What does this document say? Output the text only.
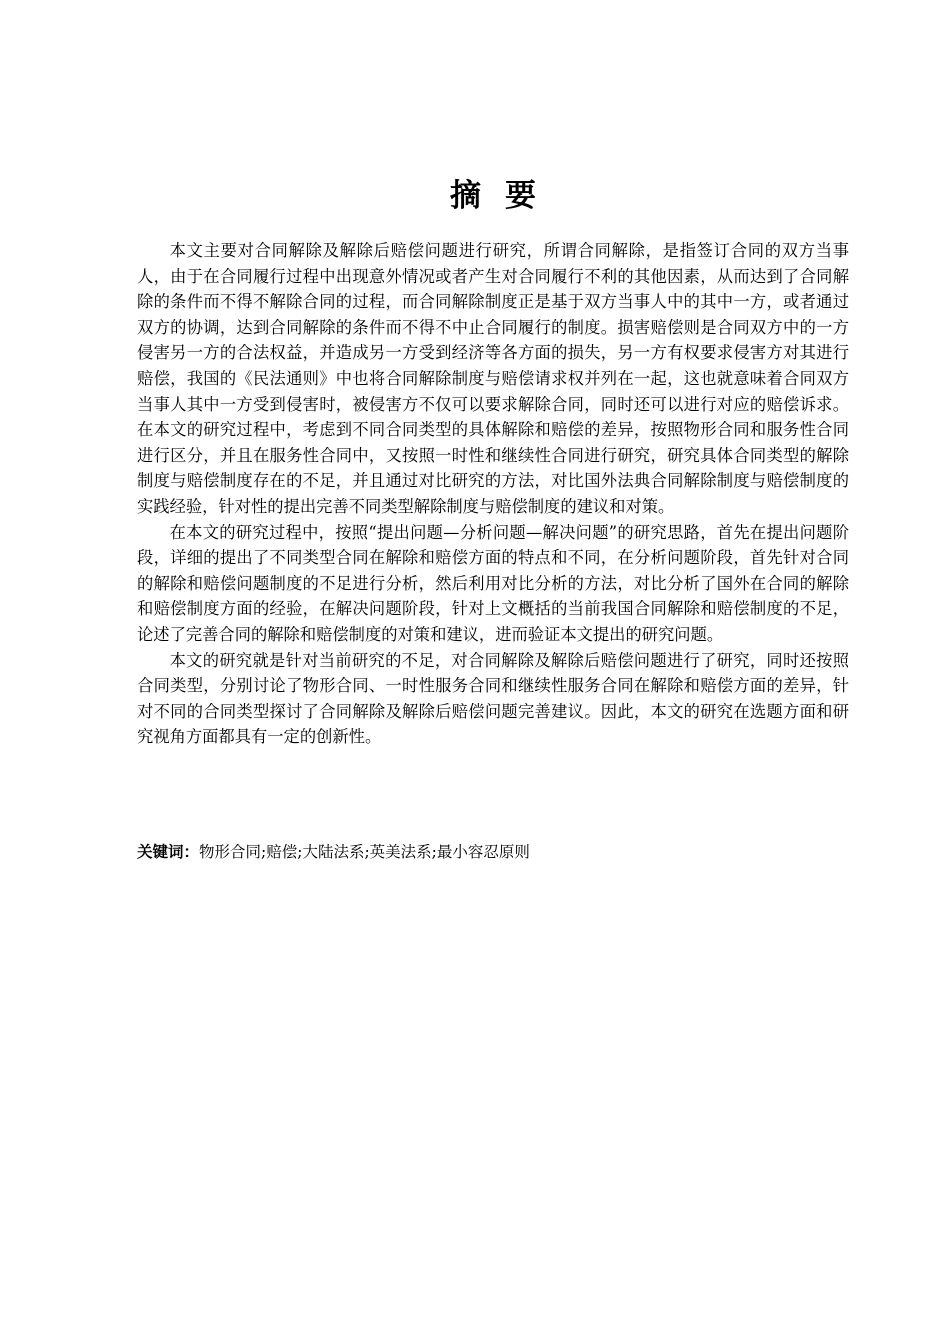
摘要

本文主要对合同解除及解除后赔偿问题进行研究，所谓合同解除，是指签订合同的双方当事人，由于在合同履行过程中出现意外情况或者产生对合同履行不利的其他因素，从而达到了合同解除的条件而不得不解除合同的过程，而合同解除制度正是基于双方当事人中的其中一方，或者通过双方的协调，达到合同解除的条件而不得不中止合同履行的制度。损害赔偿则是合同双方中的一方侵害另一方的合法权益，并造成另一方受到经济等各方面的损失，另一方有权要求侵害方对其进行赔偿，我国的《民法通则》中也将合同解除制度与赔偿请求权并列在一起，这也就意味着合同双方当事人其中一方受到侵害时，被侵害方不仅可以要求解除合同，同时还可以进行对应的赔偿诉求。在本文的研究过程中，考虑到不同合同类型的具体解除和赔偿的差异，按照物形合同和服务性合同进行区分，并且在服务性合同中，又按照一时性和继续性合同进行研究，研究具体合同类型的解除制度与赔偿制度存在的不足，并且通过对比研究的方法，对比国外法典合同解除制度与赔偿制度的实践经验，针对性的提出完善不同类型解除制度与赔偿制度的建议和对策。

在本文的研究过程中，按照“提出问题—分析问题—解决问题”的研究思路，首先在提出问题阶段，详细的提出了不同类型合同在解除和赔偿方面的特点和不同，在分析问题阶段，首先针对合同的解除和赔偿问题制度的不足进行分析，然后利用对比分析的方法，对比分析了国外在合同的解除和赔偿制度方面的经验，在解决问题阶段，针对上文概括的当前我国合同解除和赔偿制度的不足，论述了完善合同的解除和赔偿制度的对策和建议，进而验证本文提出的研究问题。

本文的研究就是针对当前研究的不足，对合同解除及解除后赔偿问题进行了研究，同时还按照合同类型，分别讨论了物形合同、一时性服务合同和继续性服务合同在解除和赔偿方面的差异，针对不同的合同类型探讨了合同解除及解除后赔偿问题完善建议。因此，本文的研究在选题方面和研究视角方面都具有一定的创新性。

关键词：物形合同;赔偿;大陆法系;英美法系;最小容忍原则
